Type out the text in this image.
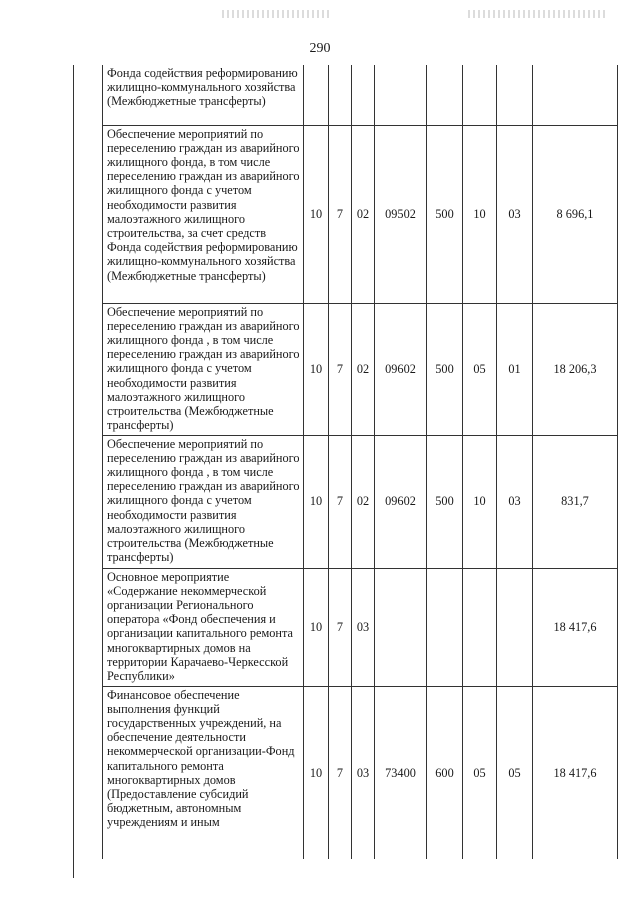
290
Фонда содействия реформированию жилищно-коммунального хозяйства (Межбюджетные трансферты)								
Обеспечение мероприятий по переселению граждан из аварийного жилищного фонда, в том числе переселению граждан из аварийного жилищного фонда с учетом необходимости развития малоэтажного жилищного строительства, за счет средств Фонда содействия реформированию жилищно-коммунального хозяйства (Межбюджетные трансферты)	10	7	02	09502	500	10	03	8 696,1
Обеспечение мероприятий по переселению граждан из аварийного жилищного фонда , в том числе переселению граждан из аварийного жилищного фонда с учетом необходимости развития малоэтажного жилищного строительства (Межбюджетные трансферты)	10	7	02	09602	500	05	01	18 206,3
Обеспечение мероприятий по переселению граждан из аварийного жилищного фонда , в том числе переселению граждан из аварийного жилищного фонда с учетом необходимости развития малоэтажного жилищного строительства (Межбюджетные трансферты)	10	7	02	09602	500	10	03	831,7
Основное мероприятие «Содержание некоммерческой организации Регионального оператора «Фонд обеспечения и организации капитального ремонта многоквартирных домов на территории Карачаево-Черкесской Республики»	10	7	03					18 417,6
Финансовое обеспечение выполнения функций государственных учреждений, на обеспечение деятельности некоммерческой организации-Фонд капитального ремонта многоквартирных домов (Предоставление субсидий бюджетным, автономным учреждениям и иным	10	7	03	73400	600	05	05	18 417,6
